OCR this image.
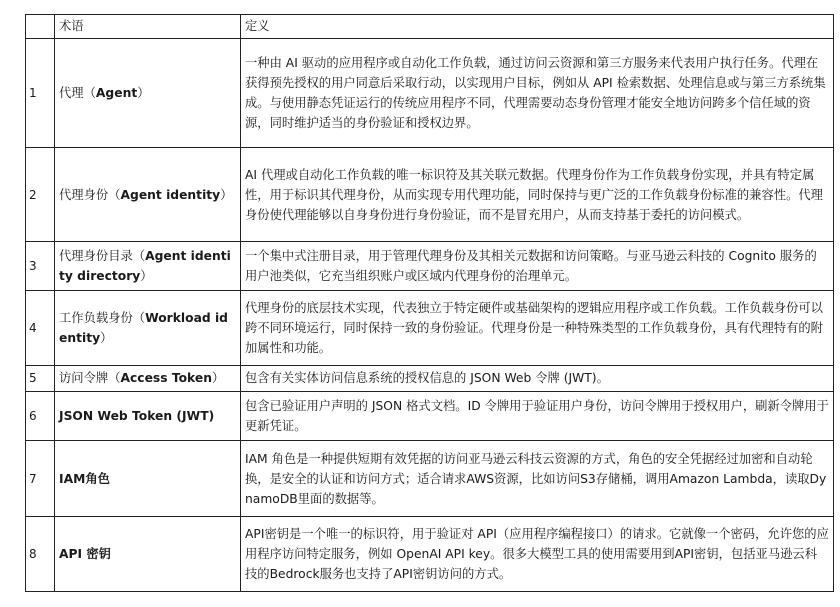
	术语	定义
1	代理（Agent）	一种由 AI 驱动的应用程序或自动化工作负载，通过访问云资源和第三方服务来代表用户执行任务。代理在获得预先授权的用户同意后采取行动，以实现用户目标，例如从 API 检索数据、处理信息或与第三方系统集成。与使用静态凭证运行的传统应用程序不同，代理需要动态身份管理才能安全地访问跨多个信任域的资源，同时维护适当的身份验证和授权边界。
2	代理身份（Agent identity）	AI 代理或自动化工作负载的唯一标识符及其关联元数据。代理身份作为工作负载身份实现，并具有特定属性，用于标识其代理身份，从而实现专用代理功能，同时保持与更广泛的工作负载身份标准的兼容性。代理身份使代理能够以自身身份进行身份验证，而不是冒充用户，从而支持基于委托的访问模式。
3	代理身份目录（Agent identity directory）	一个集中式注册目录，用于管理代理身份及其相关元数据和访问策略。与亚马逊云科技的 Cognito 服务的用户池类似，它充当组织账户或区域内代理身份的治理单元。
4	工作负载身份（Workload identity）	代理身份的底层技术实现，代表独立于特定硬件或基础架构的逻辑应用程序或工作负载。工作负载身份可以跨不同环境运行，同时保持一致的身份验证。代理身份是一种特殊类型的工作负载身份，具有代理特有的附加属性和功能。
5	访问令牌（Access Token）	包含有关实体访问信息系统的授权信息的 JSON Web 令牌 (JWT)。
6	JSON Web Token (JWT)	包含已验证用户声明的 JSON 格式文档。ID 令牌用于验证用户身份，访问令牌用于授权用户，刷新令牌用于更新凭证。
7	IAM角色	IAM 角色是一种提供短期有效凭据的访问亚马逊云科技云资源的方式，角色的安全凭据经过加密和自动轮换，是安全的认证和访问方式；适合请求AWS资源，比如访问S3存储桶，调用Amazon Lambda，读取DynamoDB里面的数据等。
8	API 密钥	API密钥是一个唯一的标识符，用于验证对 API（应用程序编程接口）的请求。它就像一个密码，允许您的应用程序访问特定服务，例如 OpenAI API key。很多大模型工具的使用需要用到API密钥，包括亚马逊云科技的Bedrock服务也支持了API密钥访问的方式。
